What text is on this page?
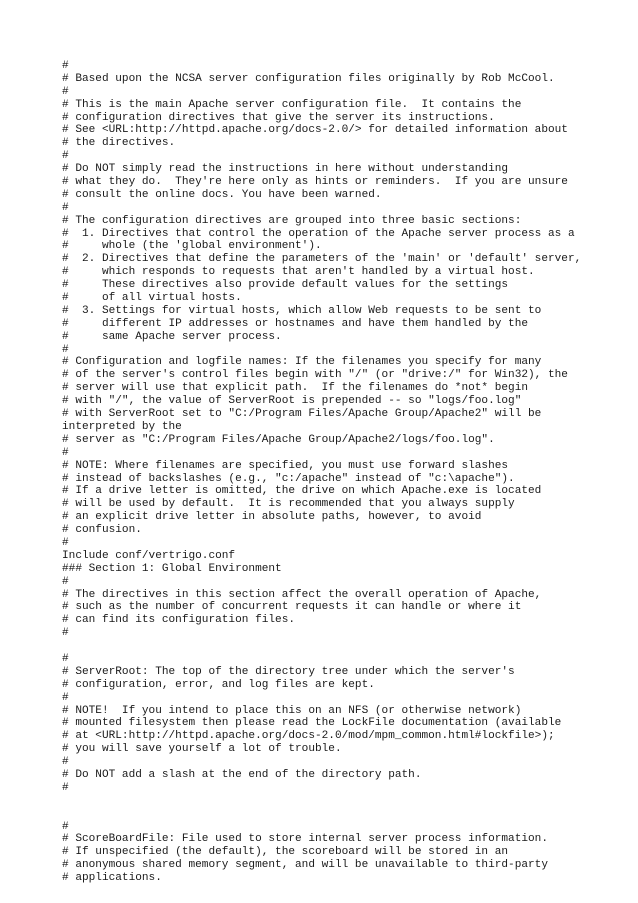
#
# Based upon the NCSA server configuration files originally by Rob McCool.
#
# This is the main Apache server configuration file.  It contains the
# configuration directives that give the server its instructions.
# See <URL:http://httpd.apache.org/docs-2.0/> for detailed information about
# the directives.
#
# Do NOT simply read the instructions in here without understanding
# what they do.  They're here only as hints or reminders.  If you are unsure
# consult the online docs. You have been warned.
#
# The configuration directives are grouped into three basic sections:
#  1. Directives that control the operation of the Apache server process as a
#     whole (the 'global environment').
#  2. Directives that define the parameters of the 'main' or 'default' server,
#     which responds to requests that aren't handled by a virtual host.
#     These directives also provide default values for the settings
#     of all virtual hosts.
#  3. Settings for virtual hosts, which allow Web requests to be sent to
#     different IP addresses or hostnames and have them handled by the
#     same Apache server process.
#
# Configuration and logfile names: If the filenames you specify for many
# of the server's control files begin with "/" (or "drive:/" for Win32), the
# server will use that explicit path.  If the filenames do *not* begin
# with "/", the value of ServerRoot is prepended -- so "logs/foo.log"
# with ServerRoot set to "C:/Program Files/Apache Group/Apache2" will be
interpreted by the
# server as "C:/Program Files/Apache Group/Apache2/logs/foo.log".
#
# NOTE: Where filenames are specified, you must use forward slashes
# instead of backslashes (e.g., "c:/apache" instead of "c:\apache").
# If a drive letter is omitted, the drive on which Apache.exe is located
# will be used by default.  It is recommended that you always supply
# an explicit drive letter in absolute paths, however, to avoid
# confusion.
#
Include conf/vertrigo.conf
### Section 1: Global Environment
#
# The directives in this section affect the overall operation of Apache,
# such as the number of concurrent requests it can handle or where it
# can find its configuration files.
#
#
# ServerRoot: The top of the directory tree under which the server's
# configuration, error, and log files are kept.
#
# NOTE!  If you intend to place this on an NFS (or otherwise network)
# mounted filesystem then please read the LockFile documentation (available
# at <URL:http://httpd.apache.org/docs-2.0/mod/mpm_common.html#lockfile>);
# you will save yourself a lot of trouble.
#
# Do NOT add a slash at the end of the directory path.
#
#
# ScoreBoardFile: File used to store internal server process information.
# If unspecified (the default), the scoreboard will be stored in an
# anonymous shared memory segment, and will be unavailable to third-party
# applications.
